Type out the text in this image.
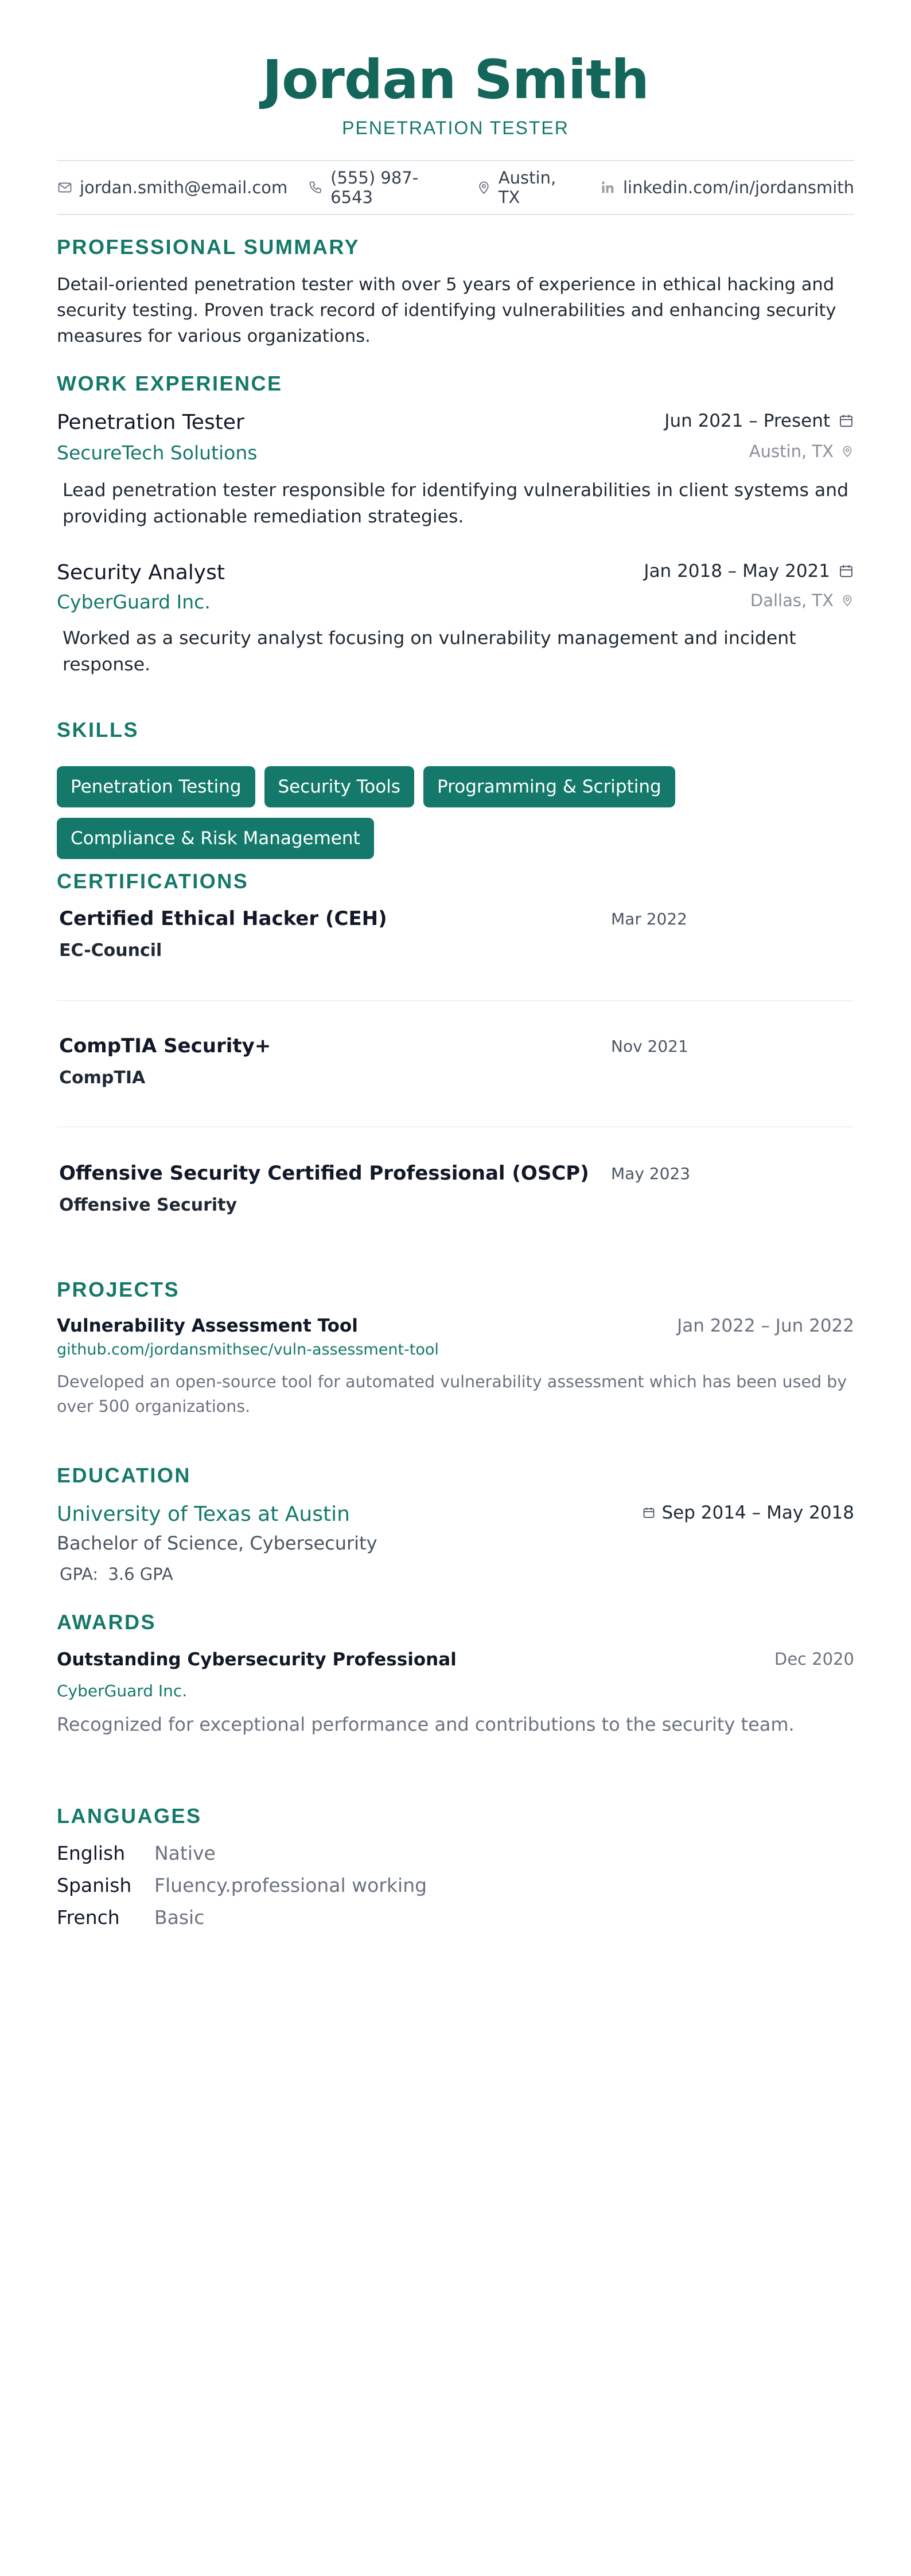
Jordan Smith
PENETRATION TESTER
jordan.smith@email.com	(555) 987-6543
Austin, TX	linkedin.com/in/jordansmith
PROFESSIONAL SUMMARY
Detail-oriented penetration tester with over 5 years of experience in ethical hacking and security testing. Proven track record of identifying vulnerabilities and enhancing security measures for various organizations.
WORK EXPERIENCE
Penetration Tester	Jun 2021 – Present
SecureTech Solutions	Austin, TX
Lead penetration tester responsible for identifying vulnerabilities in client systems and providing actionable remediation strategies.
Security Analyst	Jan 2018 – May 2021
CyberGuard Inc.	Dallas, TX
Worked as a security analyst focusing on vulnerability management and incident response.
SKILLS
Penetration Testing	Security Tools	Programming & Scripting
Compliance & Risk Management
CERTIFICATIONS
Certified Ethical Hacker (CEH)	Mar 2022
EC-Council
CompTIA Security+	Nov 2021
CompTIA
Offensive Security Certified Professional (OSCP) May 2023
Offensive Security
PROJECTS
Vulnerability Assessment Tool	Jan 2022 – Jun 2022
github.com/jordansmithsec/vuln-assessment-tool
Developed an open-source tool for automated vulnerability assessment which has been used by over 500 organizations.
EDUCATION
University of Texas at Austin	Sep 2014 – May 2018
Bachelor of Science, Cybersecurity
GPA: 3.6 GPA
AWARDS
Outstanding Cybersecurity Professional	Dec 2020
CyberGuard Inc.
Recognized for exceptional performance and contributions to the security team.
LANGUAGES
English	Native
Spanish	Fluency.professional working
French	Basic
